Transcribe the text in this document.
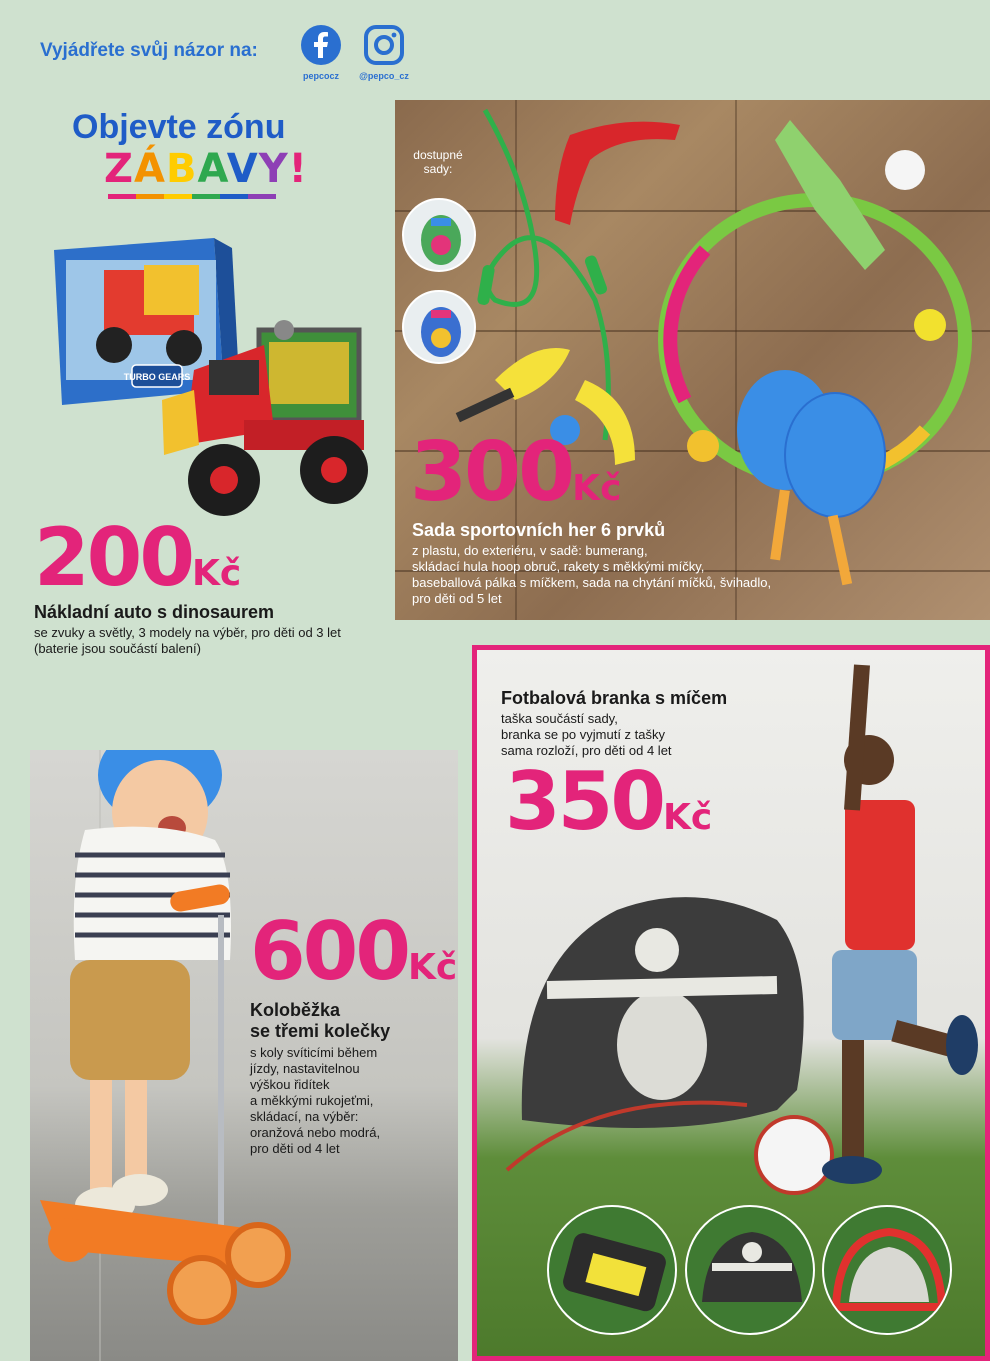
Vyjádřete svůj názor na:
pepcocz	@pepco_cz
Objevte zónu
ZÁBAVY!
TURBO GEARS
200Kč
Nákladní auto s dinosaurem
se zvuky a světly, 3 modely na výběr, pro děti od 3 let
(baterie jsou součástí balení)
dostupné
sady:
300Kč
Sada sportovních her 6 prvků
z plastu, do exteriéru, v sadě: bumerang,
skládací hula hoop obruč, rakety s měkkými míčky,
baseballová pálka s míčkem, sada na chytání míčků, švihadlo,
pro děti od 5 let
600Kč
Koloběžka
se třemi kolečky
s koly svíticími během
jízdy, nastavitelnou
výškou řidítek
a měkkými rukojeťmi,
skládací, na výběr:
oranžová nebo modrá,
pro děti od 4 let
Fotbalová branka s míčem
taška součástí sady,
branka se po vyjmutí z tašky
sama rozloží, pro děti od 4 let
350Kč
